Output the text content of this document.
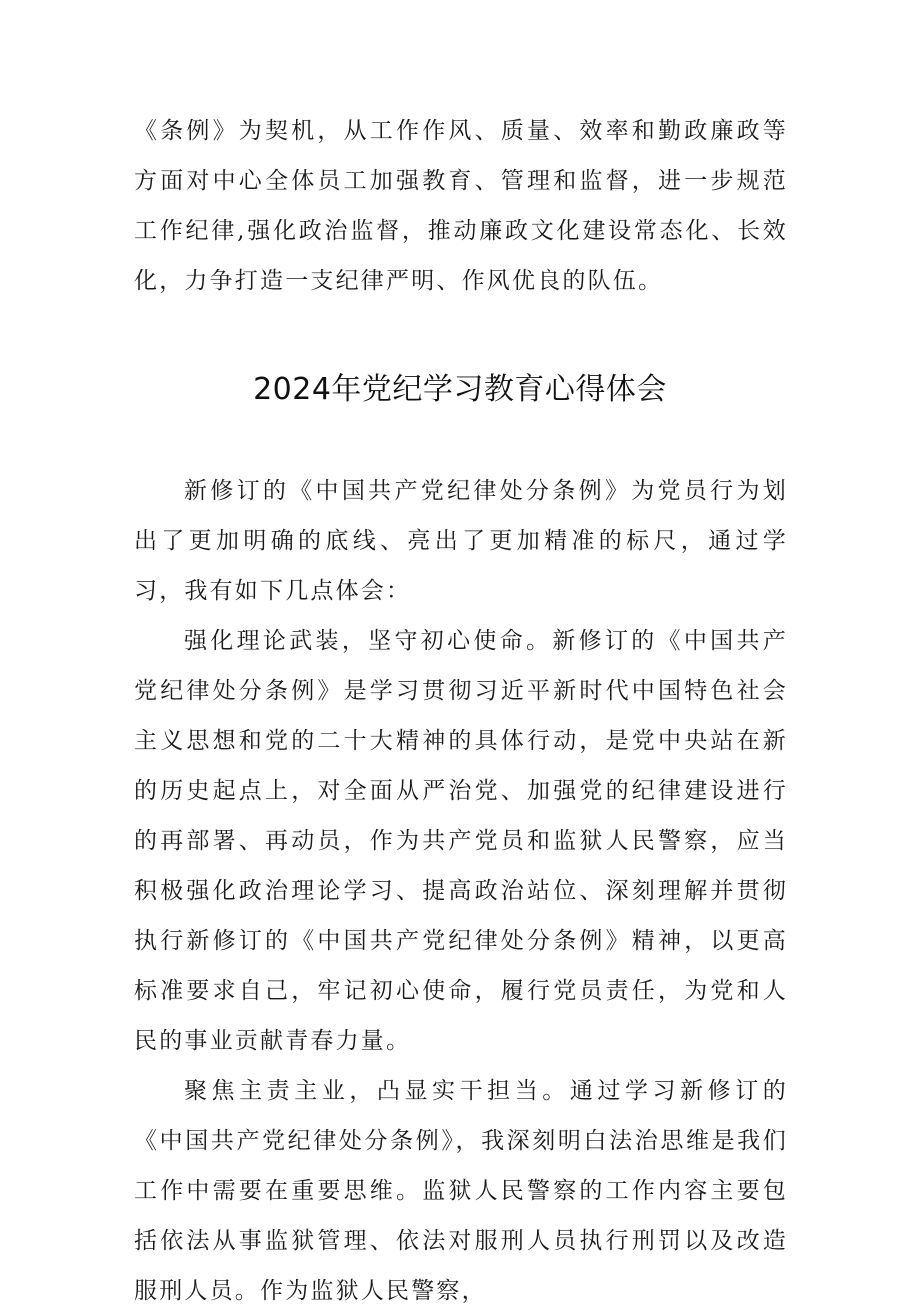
《条例》为契机，从工作作风、质量、效率和勤政廉政等方面对中心全体员工加强教育、管理和监督，进一步规范工作纪律,强化政治监督，推动廉政文化建设常态化、长效化，力争打造一支纪律严明、作风优良的队伍。

2024年党纪学习教育心得体会

新修订的《中国共产党纪律处分条例》为党员行为划出了更加明确的底线、亮出了更加精准的标尺，通过学习，我有如下几点体会：

强化理论武装，坚守初心使命。新修订的《中国共产党纪律处分条例》是学习贯彻习近平新时代中国特色社会主义思想和党的二十大精神的具体行动，是党中央站在新的历史起点上，对全面从严治党、加强党的纪律建设进行的再部署、再动员，作为共产党员和监狱人民警察，应当积极强化政治理论学习、提高政治站位、深刻理解并贯彻执行新修订的《中国共产党纪律处分条例》精神，以更高标准要求自己，牢记初心使命，履行党员责任，为党和人民的事业贡献青春力量。

聚焦主责主业，凸显实干担当。通过学习新修订的《中国共产党纪律处分条例》，我深刻明白法治思维是我们工作中需要在重要思维。监狱人民警察的工作内容主要包括依法从事监狱管理、依法对服刑人员执行刑罚以及改造服刑人员。作为监狱人民警察，
